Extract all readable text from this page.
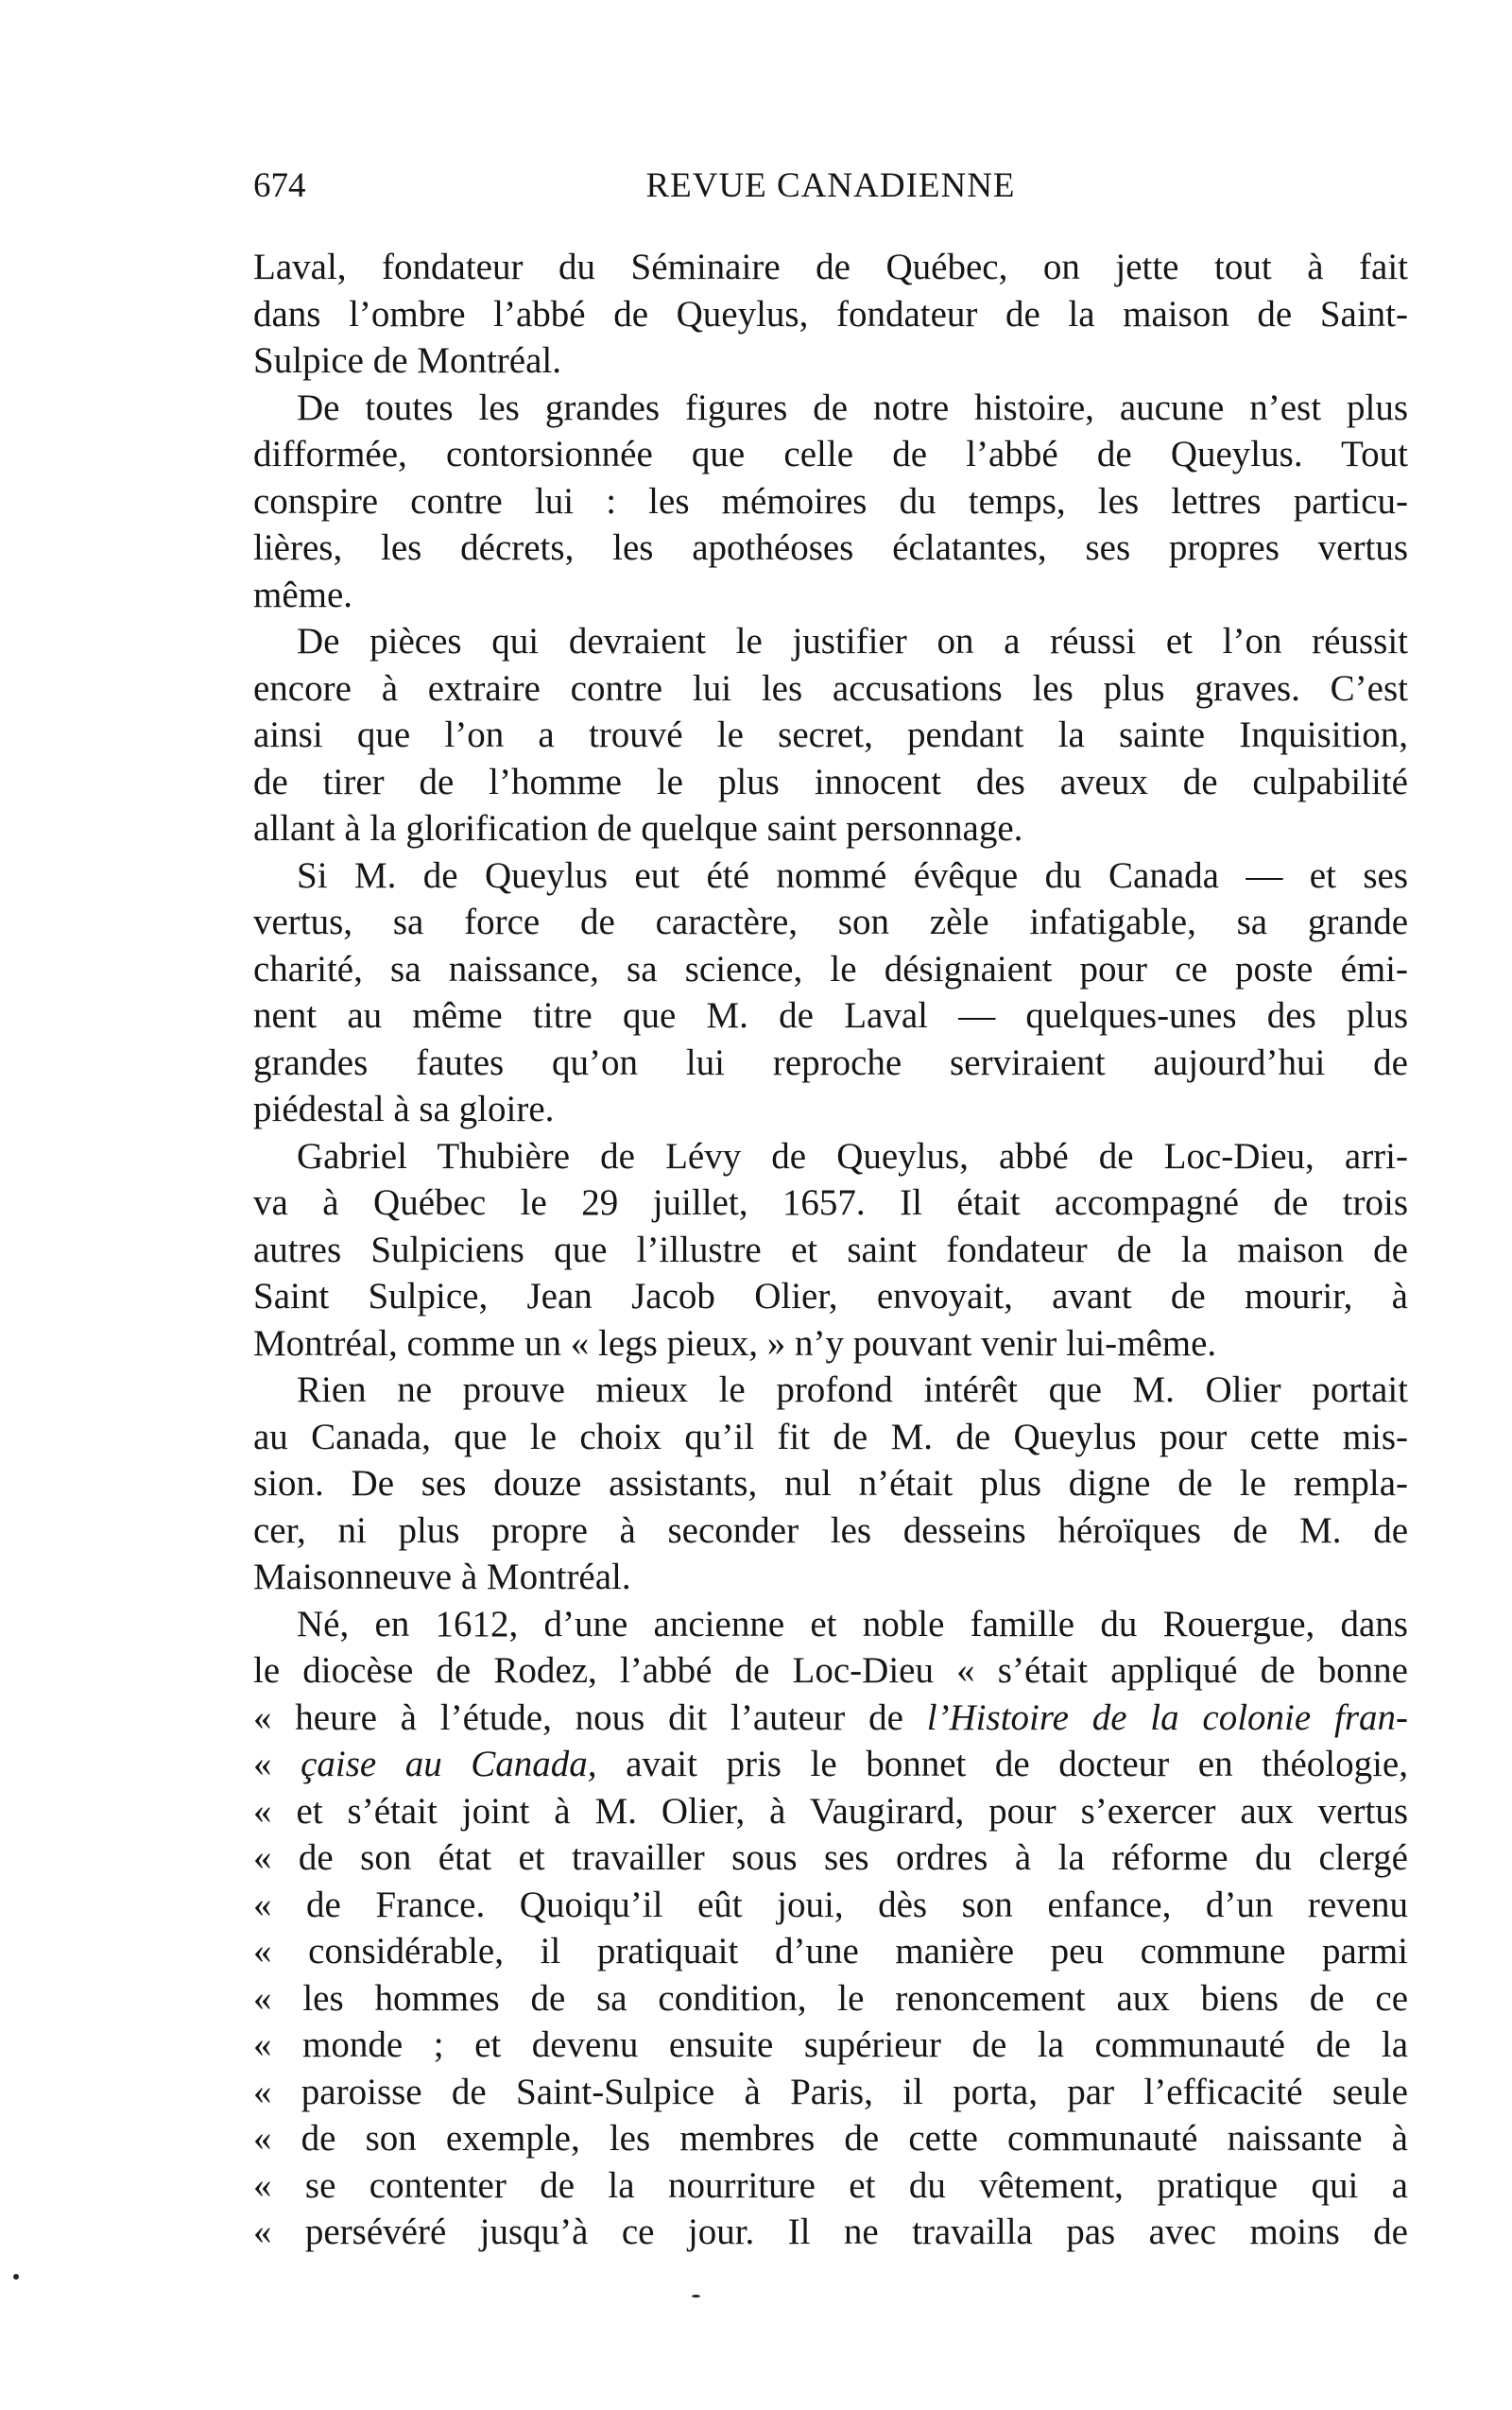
674	REVUE CANADIENNE
Laval, fondateur du Séminaire de Québec, on jette tout à fait
dans l’ombre l’abbé de Queylus, fondateur de la maison de Saint-
Sulpice de Montréal.
De toutes les grandes figures de notre histoire, aucune n’est plus
difformée, contorsionnée que celle de l’abbé de Queylus. Tout
conspire contre lui : les mémoires du temps, les lettres particu-
lières, les décrets, les apothéoses éclatantes, ses propres vertus
même.
De pièces qui devraient le justifier on a réussi et l’on réussit
encore à extraire contre lui les accusations les plus graves. C’est
ainsi que l’on a trouvé le secret, pendant la sainte Inquisition,
de tirer de l’homme le plus innocent des aveux de culpabilité
allant à la glorification de quelque saint personnage.
Si M. de Queylus eut été nommé évêque du Canada — et ses
vertus, sa force de caractère, son zèle infatigable, sa grande
charité, sa naissance, sa science, le désignaient pour ce poste émi-
nent au même titre que M. de Laval — quelques-unes des plus
grandes fautes qu’on lui reproche serviraient aujourd’hui de
piédestal à sa gloire.
Gabriel Thubière de Lévy de Queylus, abbé de Loc-Dieu, arri-
va à Québec le 29 juillet, 1657. Il était accompagné de trois
autres Sulpiciens que l’illustre et saint fondateur de la maison de
Saint Sulpice, Jean Jacob Olier, envoyait, avant de mourir, à
Montréal, comme un « legs pieux, » n’y pouvant venir lui-même.
Rien ne prouve mieux le profond intérêt que M. Olier portait
au Canada, que le choix qu’il fit de M. de Queylus pour cette mis-
sion. De ses douze assistants, nul n’était plus digne de le rempla-
cer, ni plus propre à seconder les desseins héroïques de M. de
Maisonneuve à Montréal.
Né, en 1612, d’une ancienne et noble famille du Rouergue, dans
le diocèse de Rodez, l’abbé de Loc-Dieu « s’était appliqué de bonne
« heure à l’étude, nous dit l’auteur de l’Histoire de la colonie fran-
« çaise au Canada, avait pris le bonnet de docteur en théologie,
« et s’était joint à M. Olier, à Vaugirard, pour s’exercer aux vertus
« de son état et travailler sous ses ordres à la réforme du clergé
« de France. Quoiqu’il eût joui, dès son enfance, d’un revenu
« considérable, il pratiquait d’une manière peu commune parmi
« les hommes de sa condition, le renoncement aux biens de ce
« monde ; et devenu ensuite supérieur de la communauté de la
« paroisse de Saint-Sulpice à Paris, il porta, par l’efficacité seule
« de son exemple, les membres de cette communauté naissante à
« se contenter de la nourriture et du vêtement, pratique qui a
« persévéré jusqu’à ce jour. Il ne travailla pas avec moins de
